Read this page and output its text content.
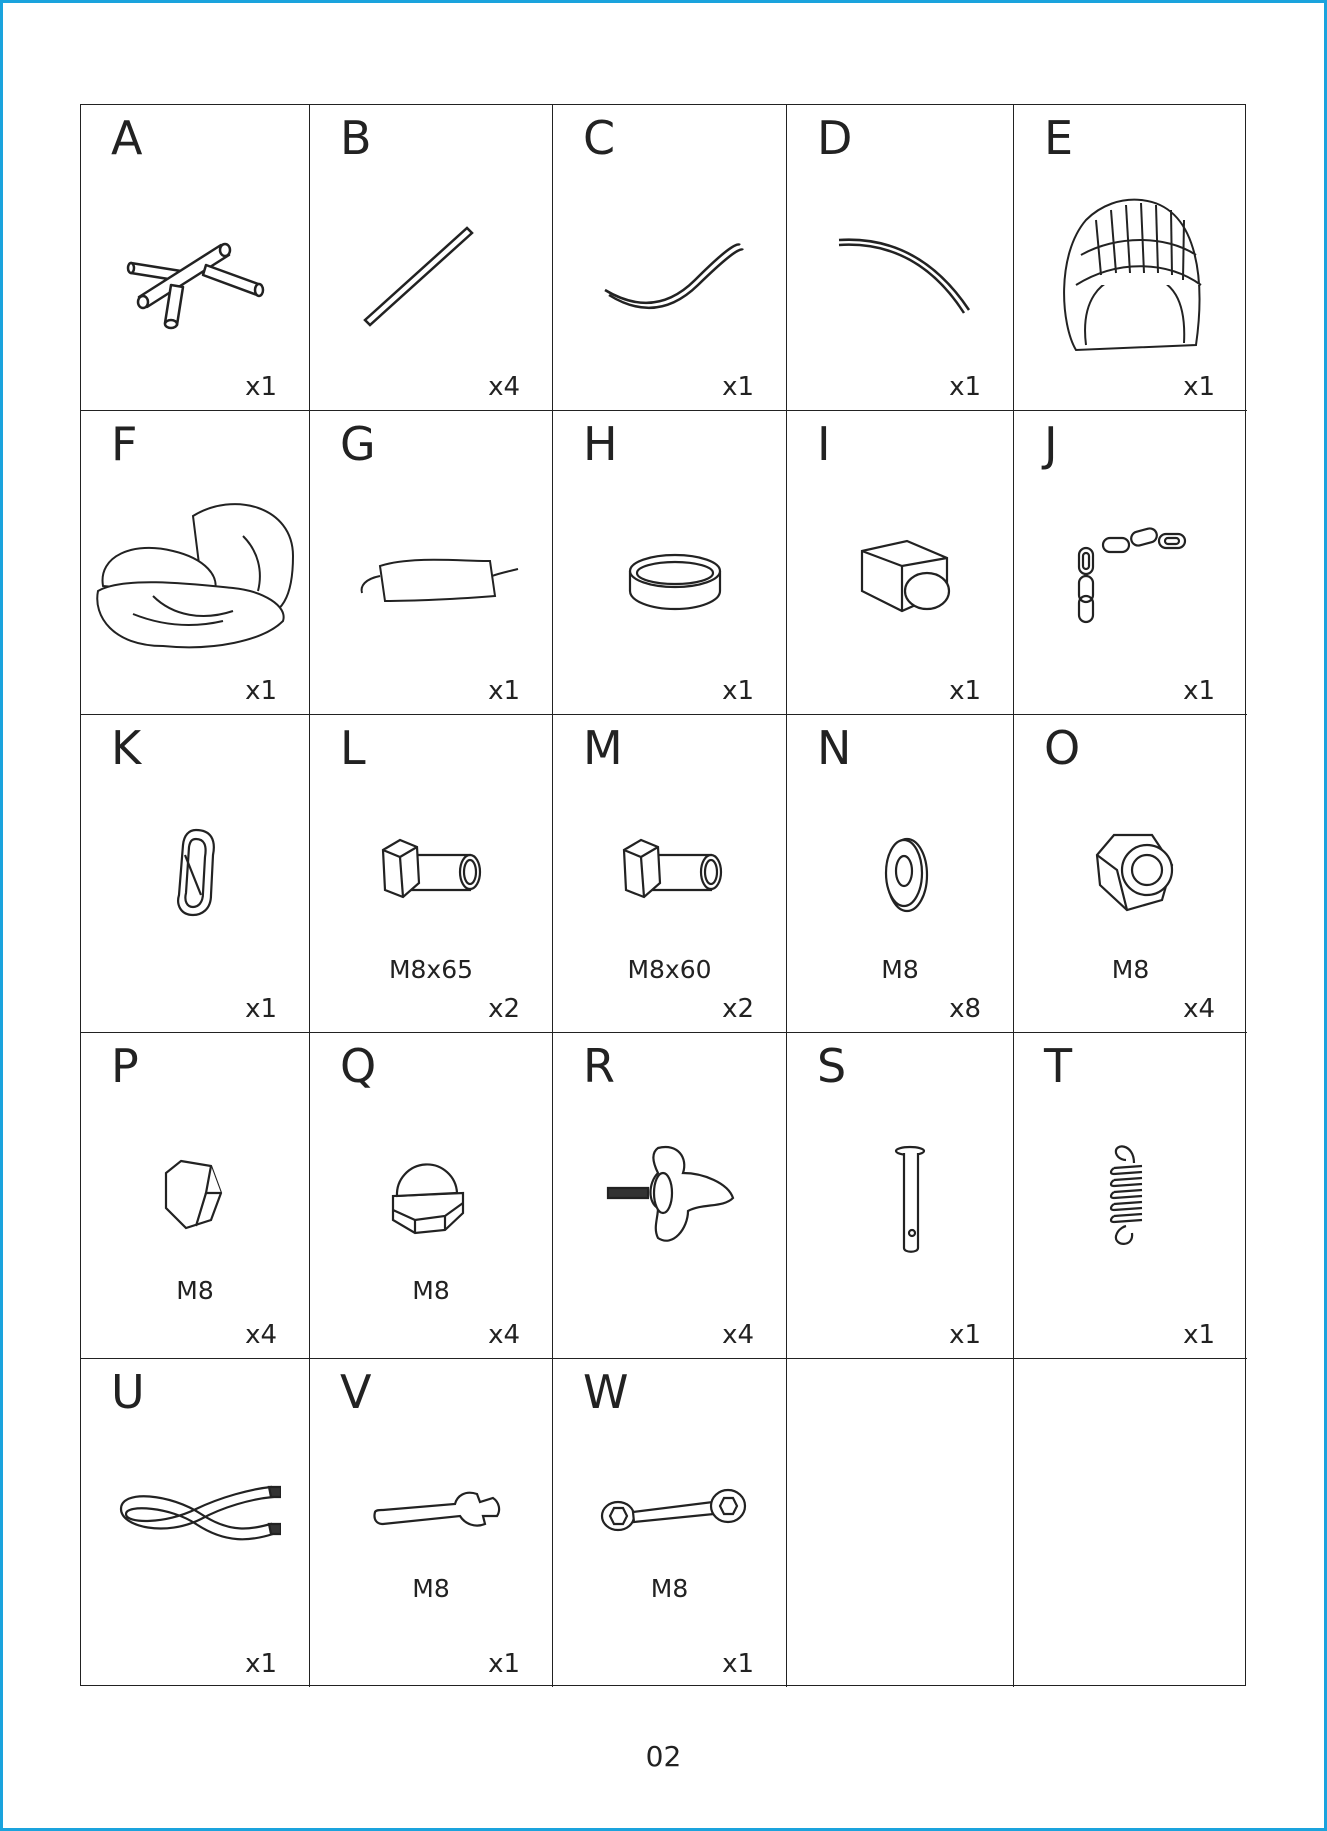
A
x1
B
x4
C
x1
D
x1
E
x1
F
x1
G
x1
H
x1
I
x1
J
x1
K
x1
L
M8x65
x2
M
M8x60
x2
N
M8
x8
O
M8
x4
P
M8
x4
Q
M8
x4
R
x4
S
x1
T
x1
U
x1
V
M8
x1
W
M8
x1
02
